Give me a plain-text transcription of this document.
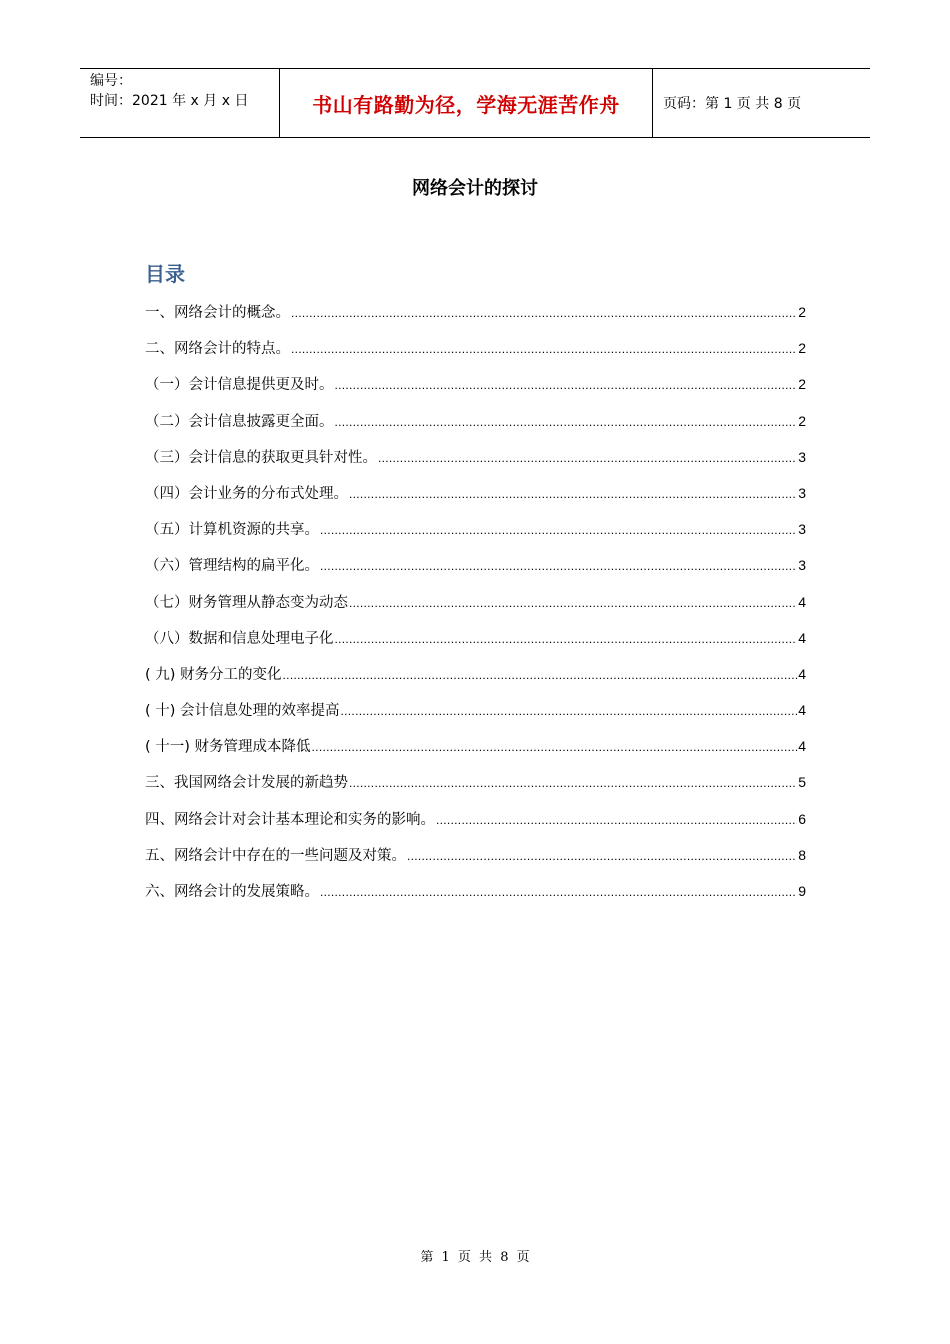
编号：
时间：2021 年 x 月 x 日	书山有路勤为径，学海无涯苦作舟	页码：第 1 页 共 8 页
网络会计的探讨
目录
一、网络会计的概念。 .....	2
二、网络会计的特点。 .....	2
（一）会计信息提供更及时。 .....	2
（二）会计信息披露更全面。 .....	2
（三）会计信息的获取更具针对性。 .....	3
（四）会计业务的分布式处理。 .....	3
（五）计算机资源的共享。 .....	3
（六）管理结构的扁平化。 .....	3
（七）财务管理从静态变为动态 .....	4
（八）数据和信息处理电子化 .....	4
( 九) 财务分工的变化 .....	4
( 十) 会计信息处理的效率提高 .....	4
( 十一) 财务管理成本降低 .....	4
三、我国网络会计发展的新趋势 .....	5
四、网络会计对会计基本理论和实务的影响。 .....	6
五、网络会计中存在的一些问题及对策。 .....	8
六、网络会计的发展策略。 .....	9
第 1 页 共 8 页
